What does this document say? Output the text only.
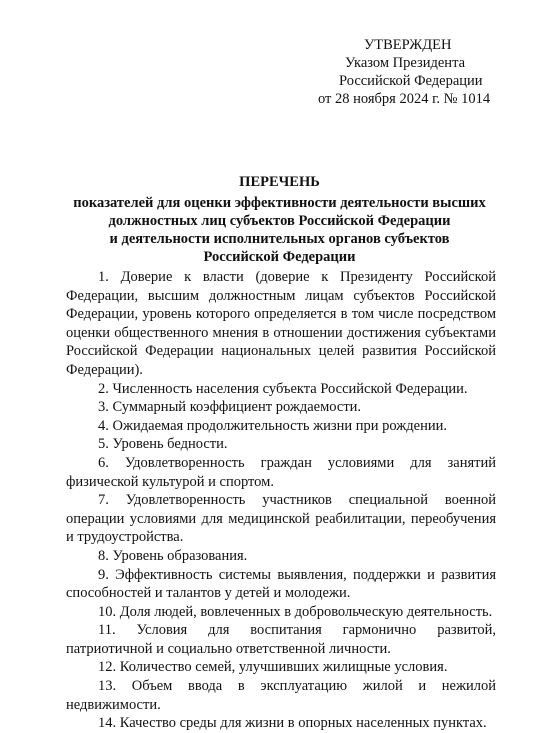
УТВЕРЖДЕН
Указом Президента
Российской Федерации
от 28 ноября 2024 г. № 1014
ПЕРЕЧЕНЬ
показателей для оценки эффективности деятельности высших
должностных лиц субъектов Российской Федерации
и деятельности исполнительных органов субъектов
Российской Федерации
1. Доверие к власти (доверие к Президенту Российской Федерации, высшим должностным лицам субъектов Российской Федерации, уровень которого определяется в том числе посредством оценки общественного мнения в отношении достижения субъектами Российской Федерации национальных целей развития Российской Федерации).
2. Численность населения субъекта Российской Федерации.
3. Суммарный коэффициент рождаемости.
4. Ожидаемая продолжительность жизни при рождении.
5. Уровень бедности.
6. Удовлетворенность граждан условиями для занятий физической культурой и спортом.
7. Удовлетворенность участников специальной военной операции условиями для медицинской реабилитации, переобучения и трудоустройства.
8. Уровень образования.
9. Эффективность системы выявления, поддержки и развития способностей и талантов у детей и молодежи.
10. Доля людей, вовлеченных в добровольческую деятельность.
11. Условия для воспитания гармонично развитой, патриотичной и социально ответственной личности.
12. Количество семей, улучшивших жилищные условия.
13. Объем ввода в эксплуатацию жилой и нежилой недвижимости.
14. Качество среды для жизни в опорных населенных пунктах.
